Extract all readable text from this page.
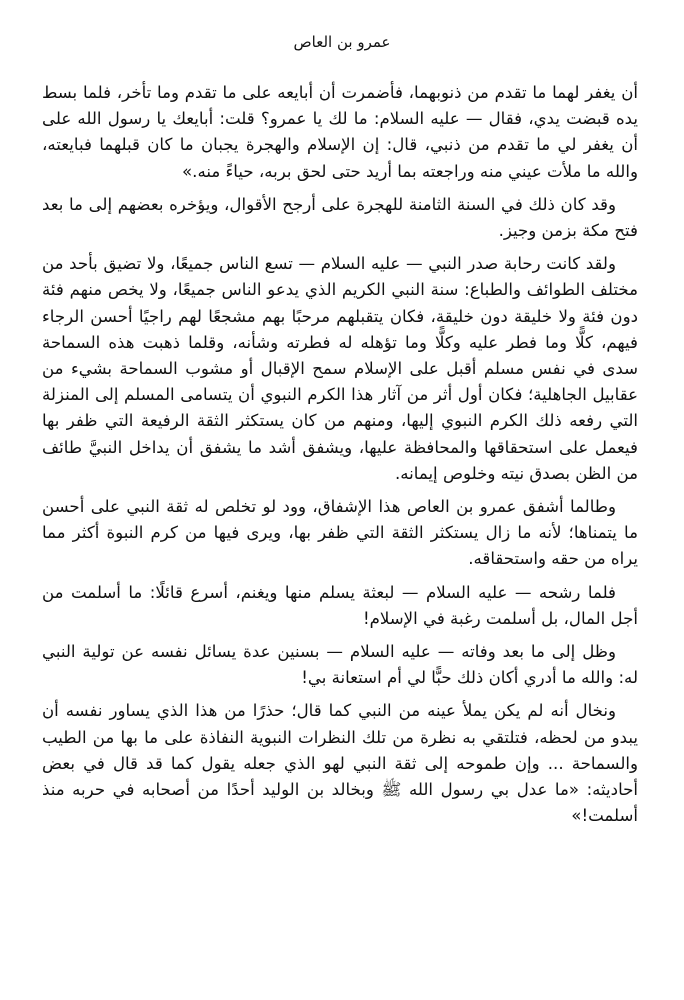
عمرو بن العاص

أن يغفر لهما ما تقدم من ذنوبهما، فأضمرت أن أبايعه على ما تقدم وما تأخر، فلما بسط يده قبضت يدي، فقال — عليه السلام: ما لك يا عمرو؟ قلت: أبايعك يا رسول الله على أن يغفر لي ما تقدم من ذنبي، قال: إن الإسلام والهجرة يجبان ما كان قبلهما فبايعته، والله ما ملأت عيني منه وراجعته بما أريد حتى لحق بربه، حياءً منه.»

وقد كان ذلك في السنة الثامنة للهجرة على أرجح الأقوال، ويؤخره بعضهم إلى ما بعد فتح مكة بزمن وجيز.

ولقد كانت رحابة صدر النبي — عليه السلام — تسع الناس جميعًا، ولا تضيق بأحد من مختلف الطوائف والطباع: سنة النبي الكريم الذي يدعو الناس جميعًا، ولا يخص منهم فئة دون فئة ولا خليقة دون خليقة، فكان يتقبلهم مرحبًا بهم مشجعًا لهم راجيًا أحسن الرجاء فيهم، كلًّا وما فطر عليه وكلًّا وما تؤهله له فطرته وشأنه، وقلما ذهبت هذه السماحة سدى في نفس مسلم أقبل على الإسلام سمح الإقبال أو مشوب السماحة بشيء من عقابيل الجاهلية؛ فكان أول أثر من آثار هذا الكرم النبوي أن يتسامى المسلم إلى المنزلة التي رفعه ذلك الكرم النبوي إليها، ومنهم من كان يستكثر الثقة الرفيعة التي ظفر بها فيعمل على استحقاقها والمحافظة عليها، ويشفق أشد ما يشفق أن يداخل النبيَّ طائف من الظن بصدق نيته وخلوص إيمانه.

وطالما أشفق عمرو بن العاص هذا الإشفاق، وود لو تخلص له ثقة النبي على أحسن ما يتمناها؛ لأنه ما زال يستكثر الثقة التي ظفر بها، ويرى فيها من كرم النبوة أكثر مما يراه من حقه واستحقاقه.

فلما رشحه — عليه السلام — لبعثة يسلم منها ويغنم، أسرع قائلًا: ما أسلمت من أجل المال، بل أسلمت رغبة في الإسلام!

وظل إلى ما بعد وفاته — عليه السلام — بسنين عدة يسائل نفسه عن تولية النبي له: والله ما أدري أكان ذلك حبًّا لي أم استعانة بي!

ونخال أنه لم يكن يملأ عينه من النبي كما قال؛ حذرًا من هذا الذي يساور نفسه أن يبدو من لحظه، فتلتقي به نظرة من تلك النظرات النبوية النفاذة على ما بها من الطيب والسماحة ... وإن طموحه إلى ثقة النبي لهو الذي جعله يقول كما قد قال في بعض أحاديثه: «ما عدل بي رسول الله ﷺ وبخالد بن الوليد أحدًا من أصحابه في حربه منذ أسلمت!»
